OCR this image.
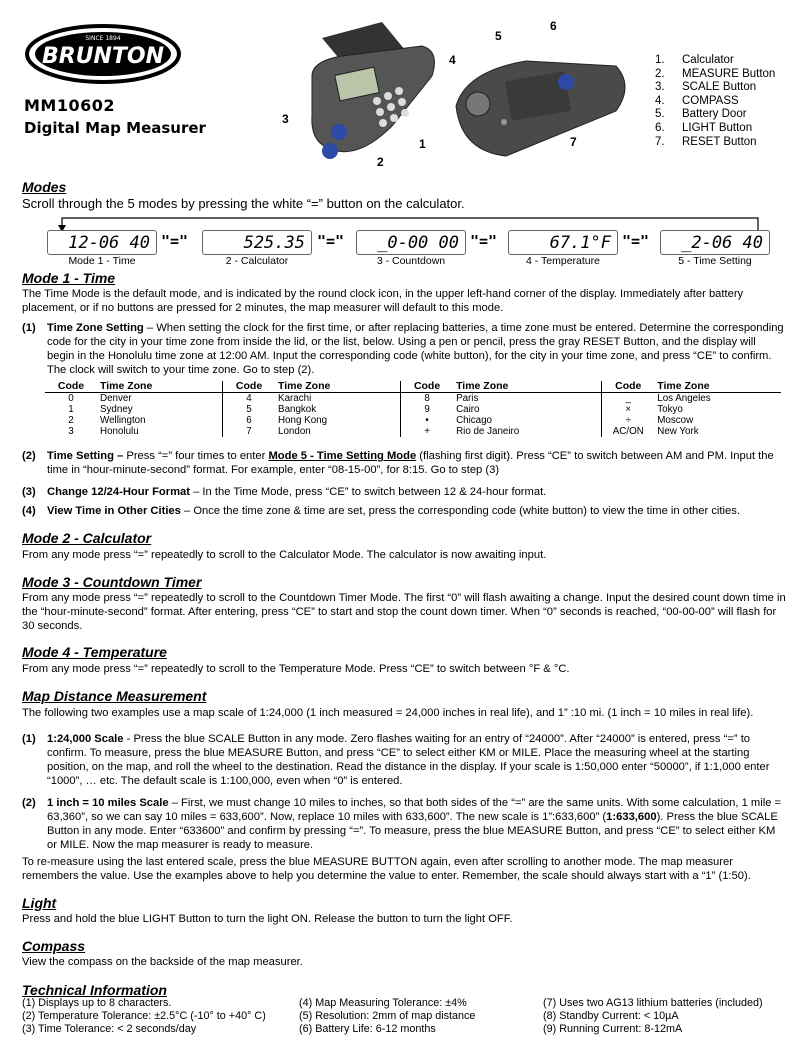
BRUNTON
SINCE 1894
MM10602
Digital Map Measurer	3
1
2
4
5
6
7
1.	Calculator
2.	MEASURE Button
3.	SCALE Button
4.	COMPASS
5.	Battery Door
6.	LIGHT Button
7.	RESET Button
Modes
Scroll through the 5 modes by pressing the white “=” button on the calculator.
12-06 40 "="	525.35 "="	_0-00 00 "="	67.1°F "="	_2-06 40
Mode 1 - Time	2 - Calculator	3 - Countdown	4 - Temperature	5 - Time Setting
Mode 1 - Time

The Time Mode is the default mode, and is indicated by the round clock icon, in the upper left-hand corner of the display. Immediately after battery placement, or if no buttons are pressed for 2 minutes, the map measurer will default to this mode.

(1)	Time Zone Setting – When setting the clock for the first time, or after replacing batteries, a time zone must be entered. Determine the corresponding code for the city in your time zone from inside the lid, or the list, below. Using a pen or pencil, press the gray RESET Button, and the display will begin in the Honolulu time zone at 12:00 AM. Input the corresponding code (white button), for the city in your time zone, and press “CE” to confirm. The clock will switch to your time zone. Go to step (2).
Code	Time Zone	Code	Time Zone	Code	Time Zone	Code	Time Zone
0	Denver	4	Karachi	8	Paris	_	Los Angeles
1	Sydney	5	Bangkok	9	Cairo	×	Tokyo
2	Wellington	6	Hong Kong	•	Chicago	÷	Moscow
3	Honolulu	7	London	+	Rio de Janeiro	AC/ON	New York
(2)	Time Setting – Press “=” four times to enter Mode 5 - Time Setting Mode (flashing first digit). Press “CE” to switch between AM and PM. Input the time in “hour-minute-second” format. For example, enter “08-15-00”, for 8:15. Go to step (3)
(3)	Change 12/24-Hour Format – In the Time Mode, press “CE” to switch between 12 & 24-hour format.
(4)	View Time in Other Cities – Once the time zone & time are set, press the corresponding code (white button) to view the time in other cities.
Mode 2 - Calculator

From any mode press “=” repeatedly to scroll to the Calculator Mode. The calculator is now awaiting input.

Mode 3 - Countdown Timer

From any mode press “=” repeatedly to scroll to the Countdown Timer Mode. The first “0” will flash awaiting a change. Input the desired count down time in the “hour-minute-second” format. After entering, press “CE” to start and stop the count down timer. When “0” seconds is reached, “00-00-00” will flash for 30 seconds.

Mode 4 - Temperature

From any mode press “=” repeatedly to scroll to the Temperature Mode. Press “CE” to switch between °F & °C.

Map Distance Measurement

The following two examples use a map scale of 1:24,000 (1 inch measured = 24,000 inches in real life), and 1” :10 mi. (1 inch = 10 miles in real life).

(1)	1:24,000 Scale - Press the blue SCALE Button in any mode. Zero flashes waiting for an entry of “24000”. After “24000” is entered, press “=” to confirm. To measure, press the blue MEASURE Button, and press “CE” to select either KM or MILE. Place the measuring wheel at the starting position, on the map, and roll the wheel to the destination. Read the distance in the display. If your scale is 1:50,000 enter “50000”, if 1:1,000 enter “1000”, … etc. The default scale is 1:100,000, even when “0” is entered.
(2)	1 inch = 10 miles Scale – First, we must change 10 miles to inches, so that both sides of the “=” are the same units. With some calculation, 1 mile = 63,360”, so we can say 10 miles = 633,600”. Now, replace 10 miles with 633,600”. The new scale is 1”:633,600” (1:633,600). Press the blue SCALE Button in any mode. Enter “633600” and confirm by pressing “=”. To measure, press the blue MEASURE Button, and press “CE” to select either KM or MILE. Now the map measurer is ready to measure.

To re-measure using the last entered scale, press the blue MEASURE BUTTON again, even after scrolling to another mode. The map measurer remembers the value. Use the examples above to help you determine the value to enter. Remember, the scale should always start with a “1” (1:50).

Light

Press and hold the blue LIGHT Button to turn the light ON. Release the button to turn the light OFF.

Compass

View the compass on the backside of the map measurer.

Technical Information
(1) Displays up to 8 characters.
(2) Temperature Tolerance: ±2.5°C (-10° to +40° C)
(3) Time Tolerance: < 2 seconds/day
(4) Map Measuring Tolerance: ±4%
(5) Resolution: 2mm of map distance
(6) Battery Life: 6-12 months
(7) Uses two AG13 lithium batteries (included)
(8) Standby Current: < 10µA
(9) Running Current: 8-12mA
